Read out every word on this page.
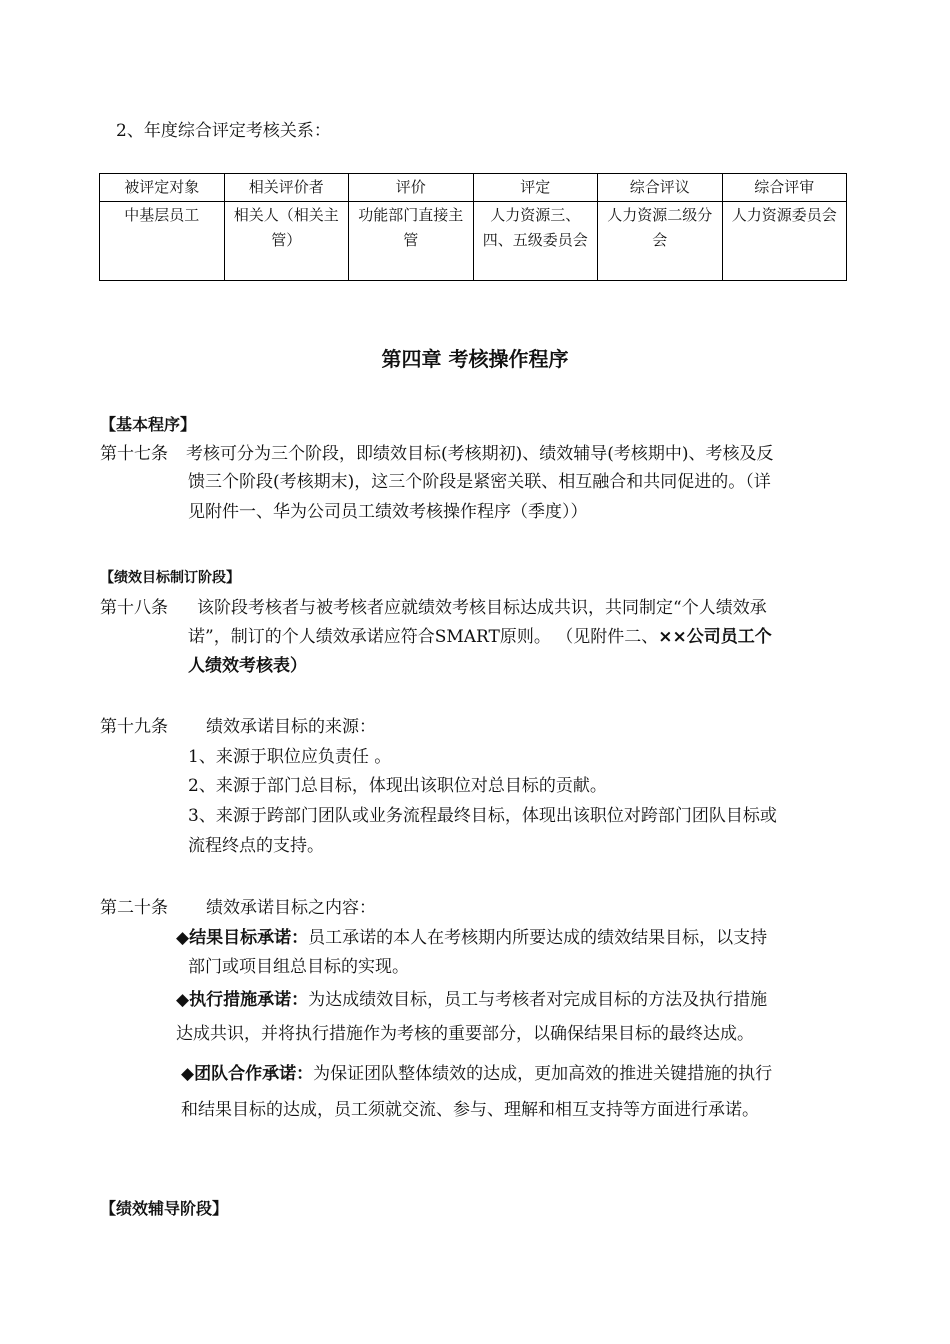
2、年度综合评定考核关系：
被评定对象	相关评价者	评价	评定	综合评议	综合评审
中基层员工	相关人（相关主管）	功能部门直接主管	人力资源三、四、五级委员会	人力资源二级分会	人力资源委员会
第四章 考核操作程序
【基本程序】
第十七条 考核可分为三个阶段，即绩效目标(考核期初)、绩效辅导(考核期中)、考核及反
馈三个阶段(考核期末)，这三个阶段是紧密关联、相互融合和共同促进的。（详
见附件一、华为公司员工绩效考核操作程序（季度））
【绩效目标制订阶段】
第十八条 该阶段考核者与被考核者应就绩效考核目标达成共识，共同制定“个人绩效承
诺”，制订的个人绩效承诺应符合SMART原则。 （见附件二、××公司员工个
人绩效考核表）
第十九条 绩效承诺目标的来源：
1、来源于职位应负责任 。
2、来源于部门总目标，体现出该职位对总目标的贡献。
3、来源于跨部门团队或业务流程最终目标，体现出该职位对跨部门团队目标或
流程终点的支持。
第二十条 绩效承诺目标之内容：
◆结果目标承诺：员工承诺的本人在考核期内所要达成的绩效结果目标，以支持
部门或项目组总目标的实现。
◆执行措施承诺：为达成绩效目标，员工与考核者对完成目标的方法及执行措施
达成共识，并将执行措施作为考核的重要部分，以确保结果目标的最终达成。
◆团队合作承诺：为保证团队整体绩效的达成，更加高效的推进关键措施的执行
和结果目标的达成，员工须就交流、参与、理解和相互支持等方面进行承诺。
【绩效辅导阶段】
